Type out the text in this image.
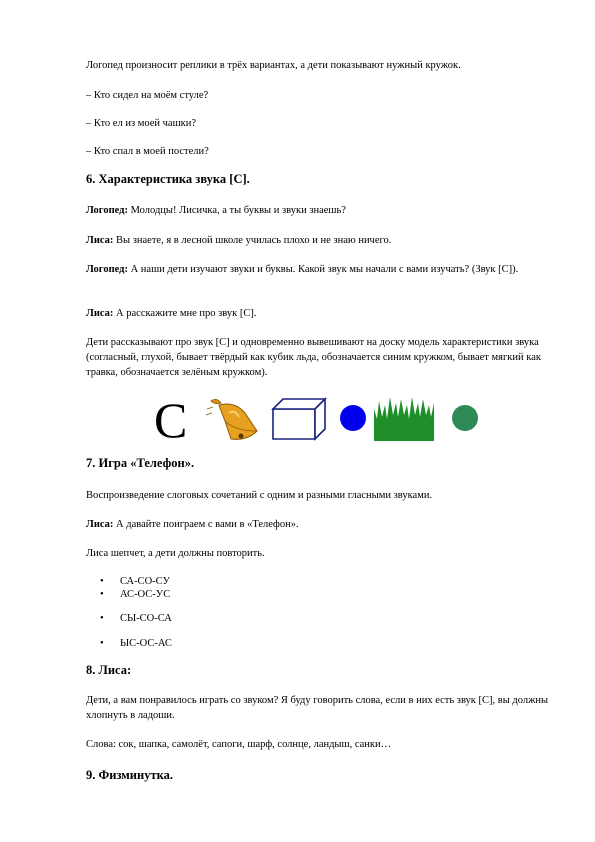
Логопед произносит реплики в трёх вариантах, а дети показывают нужный кружок.

– Кто сидел на моём стуле?

– Кто ел из моей чашки?

– Кто спал в моей постели?

6. Характеристика звука [С].

Логопед: Молодцы! Лисичка, а ты буквы и звуки знаешь?

Лиса: Вы знаете, я в лесной школе училась плохо и не знаю ничего.

Логопед: А наши дети изучают звуки и буквы. Какой звук мы начали с вами изучать? (Звук [С]).

Лиса: А расскажите мне про звук [С].

Дети рассказывают про звук [С] и одновременно вывешивают на доску модель характеристики звука (согласный, глухой, бывает твёрдый как кубик льда, обозначается синим кружком, бывает мягкий как травка, обозначается зелёным кружком).

С
7. Игра «Телефон».

Воспроизведение слоговых сочетаний с одним и разными гласными звуками.

Лиса: А давайте поиграем с вами в «Телефон».

Лиса шепчет, а дети должны повторить.

• СА-СО-СУ
• АС-ОС-УС
• СЫ-СО-СА
• ЫС-ОС-АС
8. Лиса:

Дети, а вам понравилось играть со звуком? Я буду говорить слова, если в них есть звук [С], вы должны хлопнуть в ладоши.

Слова: сок, шапка, самолёт, сапоги, шарф, солнце, ландыш, санки…

9. Физминутка.
